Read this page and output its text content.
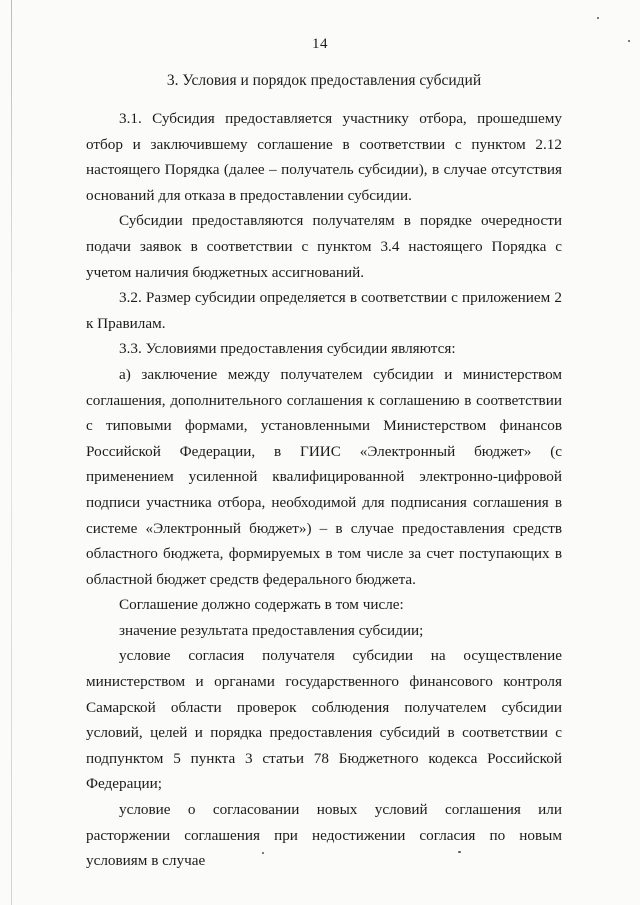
14
3. Условия и порядок предоставления субсидий

3.1. Субсидия предоставляется участнику отбора, прошедшему отбор и заключившему соглашение в соответствии с пунктом 2.12 настоящего Порядка (далее – получатель субсидии), в случае отсутствия оснований для отказа в предоставлении субсидии.

Субсидии предоставляются получателям в порядке очередности подачи заявок в соответствии с пунктом 3.4 настоящего Порядка с учетом наличия бюджетных ассигнований.

3.2. Размер субсидии определяется в соответствии с приложением 2 к Правилам.

3.3. Условиями предоставления субсидии являются:

а) заключение между получателем субсидии и министерством соглашения, дополнительного соглашения к соглашению в соответствии с типовыми формами, установленными Министерством финансов Российской Федерации, в ГИИС «Электронный бюджет» (с применением усиленной квалифицированной электронно-цифровой подписи участника отбора, необходимой для подписания соглашения в системе «Электронный бюджет») – в случае предоставления средств областного бюджета, формируемых в том числе за счет поступающих в областной бюджет средств федерального бюджета.

Соглашение должно содержать в том числе:

значение результата предоставления субсидии;

условие согласия получателя субсидии на осуществление министерством и органами государственного финансового контроля Самарской области проверок соблюдения получателем субсидии условий, целей и порядка предоставления субсидий в соответствии с подпунктом 5 пункта 3 статьи 78 Бюджетного кодекса Российской Федерации;

условие о согласовании новых условий соглашения или расторжении соглашения при недостижении согласия по новым условиям в случае
